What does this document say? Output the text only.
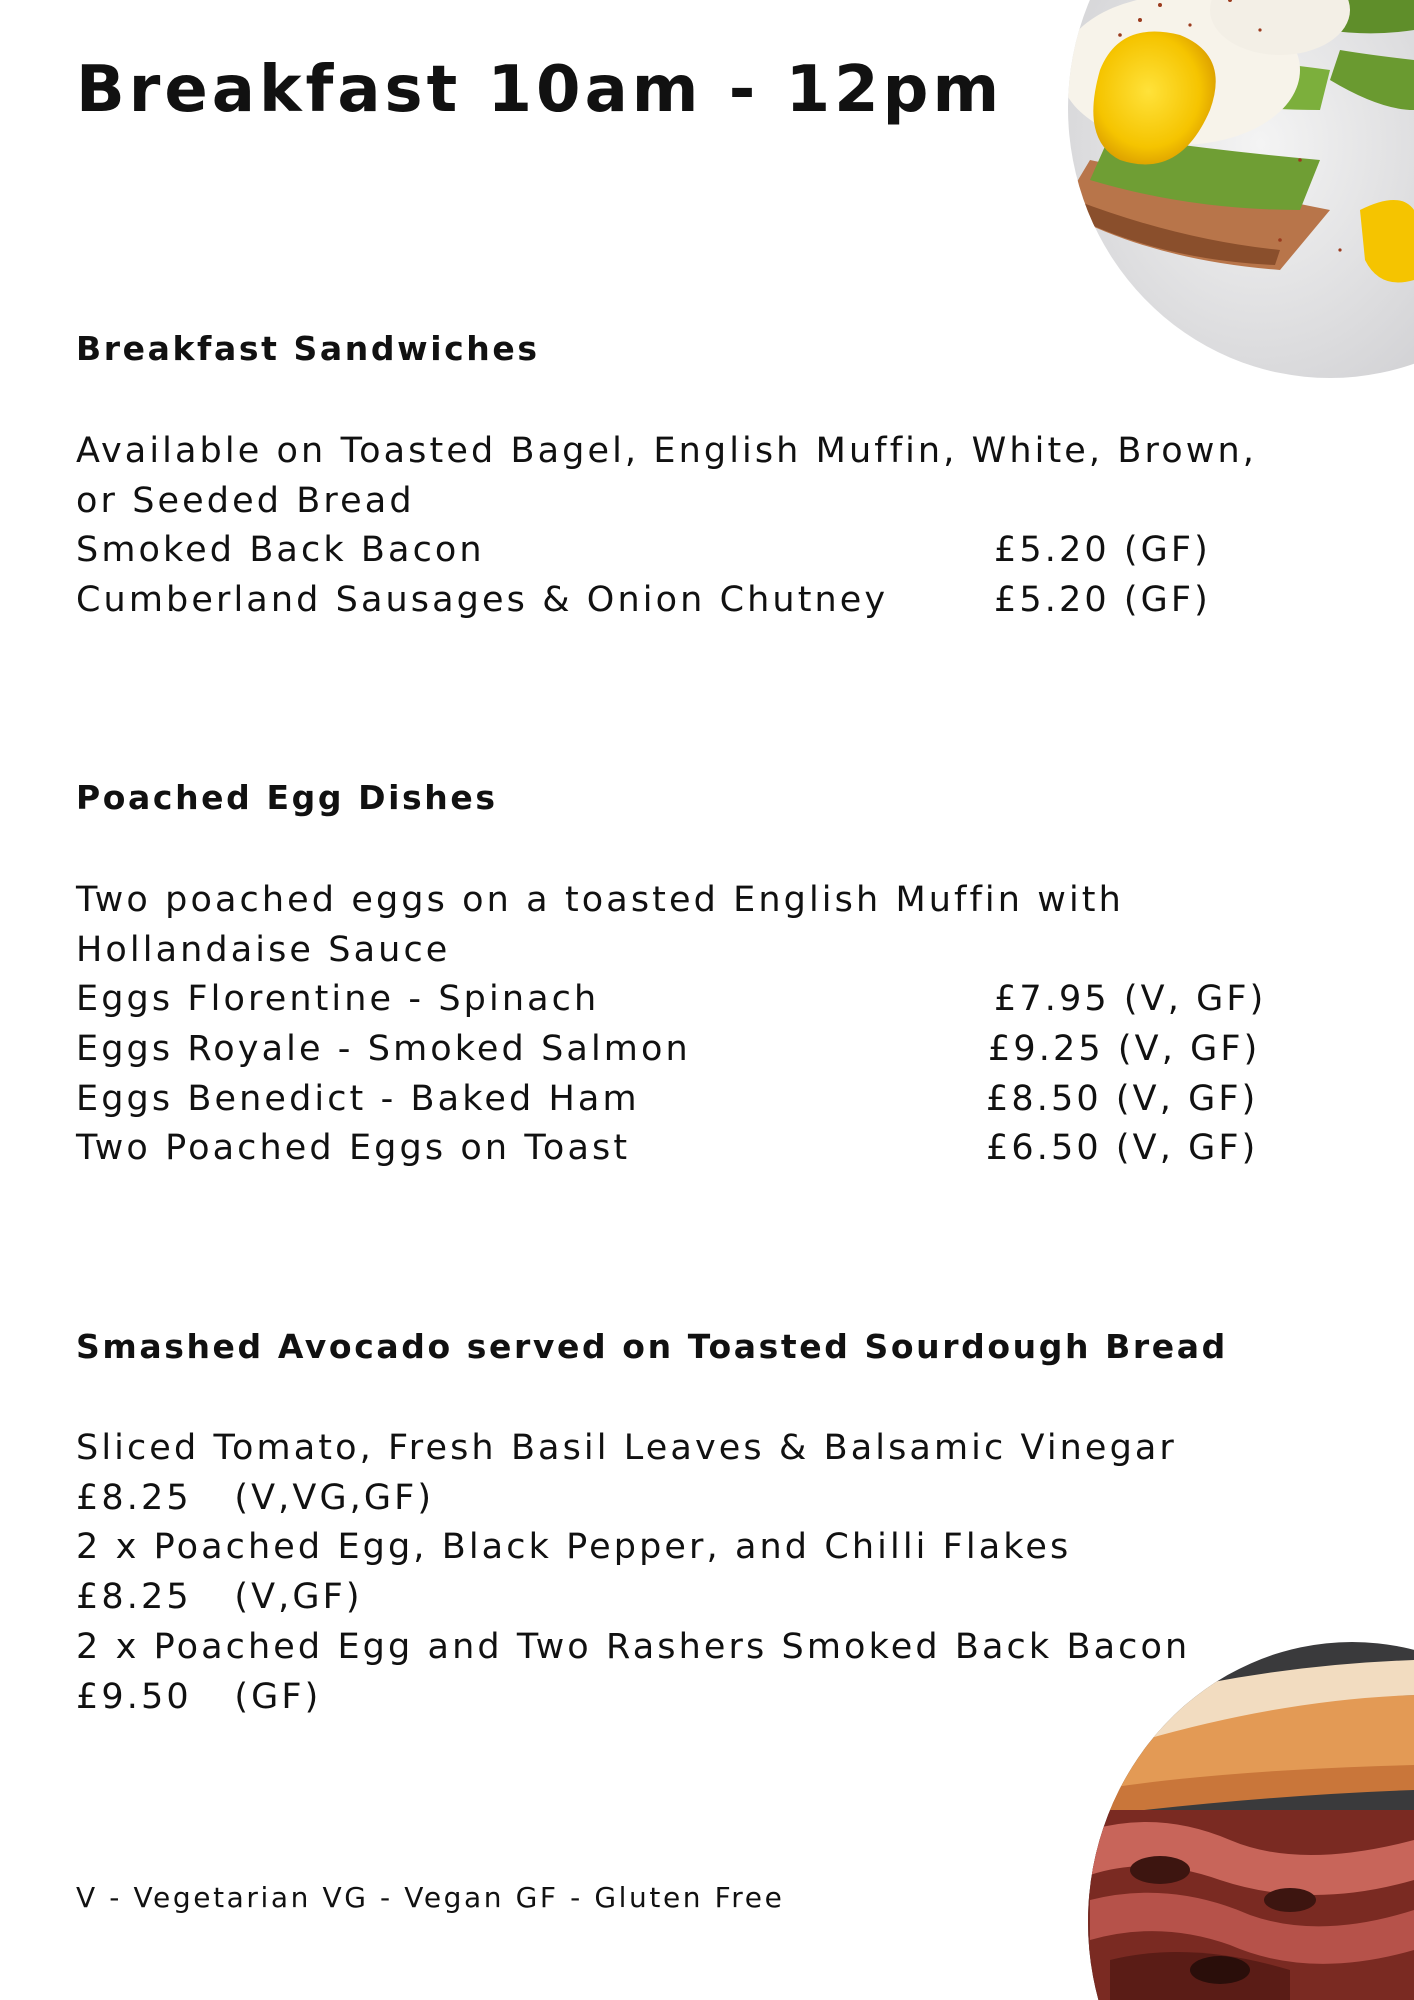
Breakfast 10am - 12pm
Breakfast Sandwiches

Available on Toasted Bagel, English Muffin, White, Brown,

or Seeded Bread

Smoked Back Bacon	£5.20 (GF)

Cumberland Sausages & Onion Chutney	£5.20 (GF)

Poached Egg Dishes

Two poached eggs on a toasted English Muffin with

Hollandaise Sauce

Eggs Florentine - Spinach	£7.95 (V, GF)

Eggs Royale - Smoked Salmon	£9.25 (V, GF)

Eggs Benedict - Baked Ham	£8.50 (V, GF)

Two Poached Eggs on Toast	£6.50 (V, GF)

Smashed Avocado served on Toasted Sourdough Bread

Sliced Tomato, Fresh Basil Leaves & Balsamic Vinegar

£8.25   (V,VG,GF)

2 x Poached Egg, Black Pepper, and Chilli Flakes

£8.25   (V,GF)

2 x Poached Egg and Two Rashers Smoked Back Bacon

£9.50   (GF)

V - Vegetarian VG - Vegan GF - Gluten Free
